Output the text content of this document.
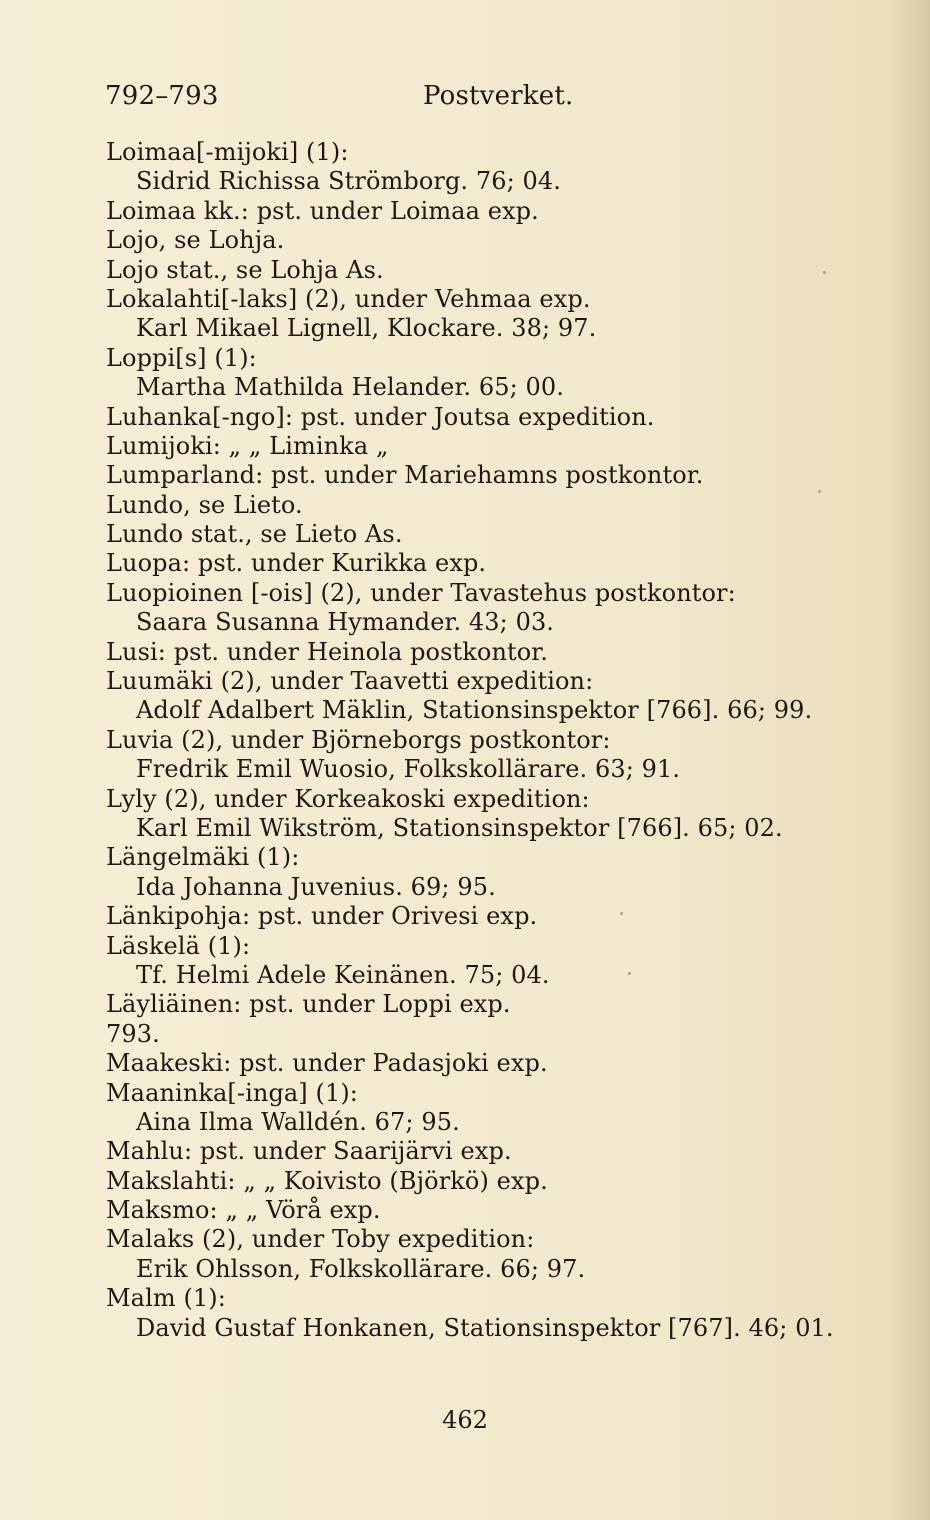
792–793	Postverket.
Loimaa[-mijoki] (1):
Sidrid Richissa Strömborg. 76; 04.
Loimaa kk.: pst. under Loimaa exp.
Lojo, se Lohja.
Lojo stat., se Lohja As.
Lokalahti[-laks] (2), under Vehmaa exp.
Karl Mikael Lignell, Klockare. 38; 97.
Loppi[s] (1):
Martha Mathilda Helander. 65; 00.
Luhanka[-ngo]: pst. under Joutsa expedition.
Lumijoki: „ „ Liminka „
Lumparland: pst. under Mariehamns postkontor.
Lundo, se Lieto.
Lundo stat., se Lieto As.
Luopa: pst. under Kurikka exp.
Luopioinen [-ois] (2), under Tavastehus postkontor:
Saara Susanna Hymander. 43; 03.
Lusi: pst. under Heinola postkontor.
Luumäki (2), under Taavetti expedition:
Adolf Adalbert Mäklin, Stationsinspektor [766]. 66; 99.
Luvia (2), under Björneborgs postkontor:
Fredrik Emil Wuosio, Folkskollärare. 63; 91.
Lyly (2), under Korkeakoski expedition:
Karl Emil Wikström, Stationsinspektor [766]. 65; 02.
Längelmäki (1):
Ida Johanna Juvenius. 69; 95.
Länkipohja: pst. under Orivesi exp.
Läskelä (1):
Tf. Helmi Adele Keinänen. 75; 04.
Läyliäinen: pst. under Loppi exp.
793.
Maakeski: pst. under Padasjoki exp.
Maaninka[-inga] (1):
Aina Ilma Walldén. 67; 95.
Mahlu: pst. under Saarijärvi exp.
Makslahti: „ „ Koivisto (Björkö) exp.
Maksmo: „ „ Vörå exp.
Malaks (2), under Toby expedition:
Erik Ohlsson, Folkskollärare. 66; 97.
Malm (1):
David Gustaf Honkanen, Stationsinspektor [767]. 46; 01.
462
